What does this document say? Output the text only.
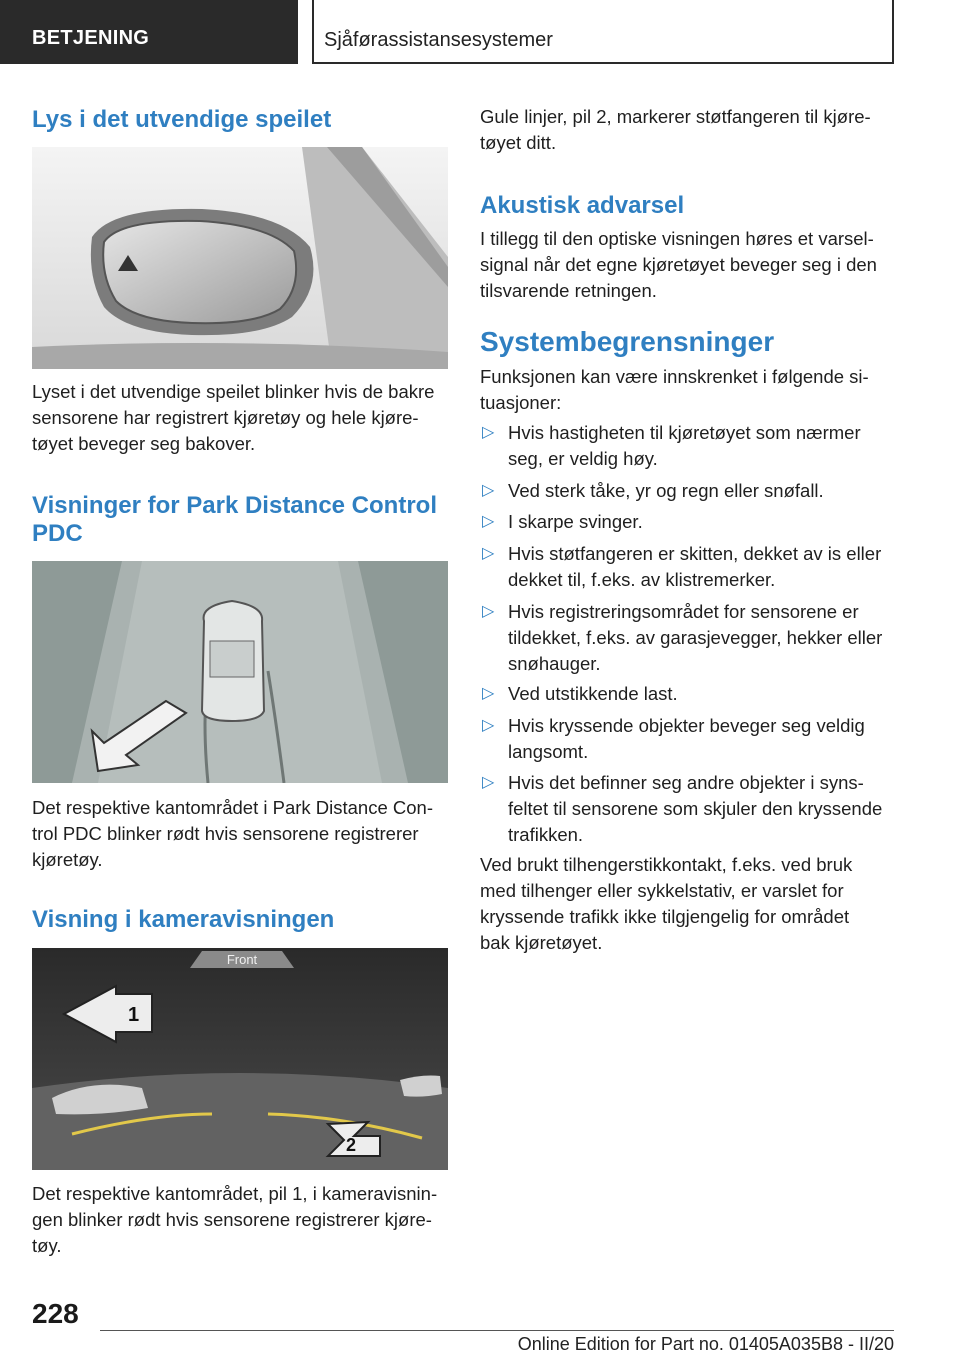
BETJENING	Sjåførassistansesystemer
Lys i det utvendige speilet

Lyset i det utvendige speilet blinker hvis de bakre
sensorene har registrert kjøretøy og hele kjøre-
tøyet beveger seg bakover.

Visninger for Park Distance Control
PDC

Det respektive kantområdet i Park Distance Con-
trol PDC blinker rødt hvis sensorene registrerer
kjøretøy.

Visning i kameravisningen
Front
1
2

Det respektive kantområdet, pil 1, i kameravisnin-
gen blinker rødt hvis sensorene registrerer kjøre-
tøy.

Gule linjer, pil 2, markerer støtfangeren til kjøre-
tøyet ditt.

Akustisk advarsel

I tillegg til den optiske visningen høres et varsel-
signal når det egne kjøretøyet beveger seg i den
tilsvarende retningen.

Systembegrensninger

Funksjonen kan være innskrenket i følgende si-
tuasjoner:

▷ Hvis hastigheten til kjøretøyet som nærmer
seg, er veldig høy.
▷ Ved sterk tåke, yr og regn eller snøfall.
▷ I skarpe svinger.
▷ Hvis støtfangeren er skitten, dekket av is eller
dekket til, f.eks. av klistremerker.
▷ Hvis registreringsområdet for sensorene er
tildekket, f.eks. av garasjevegger, hekker eller
snøhauger.
▷ Ved utstikkende last.
▷ Hvis kryssende objekter beveger seg veldig
langsomt.
▷ Hvis det befinner seg andre objekter i syns-
feltet til sensorene som skjuler den kryssende
trafikken.

Ved brukt tilhengerstikkontakt, f.eks. ved bruk
med tilhenger eller sykkelstativ, er varslet for
kryssende trafikk ikke tilgjengelig for området
bak kjøretøyet.

228
Online Edition for Part no. 01405A035B8 - II/20
